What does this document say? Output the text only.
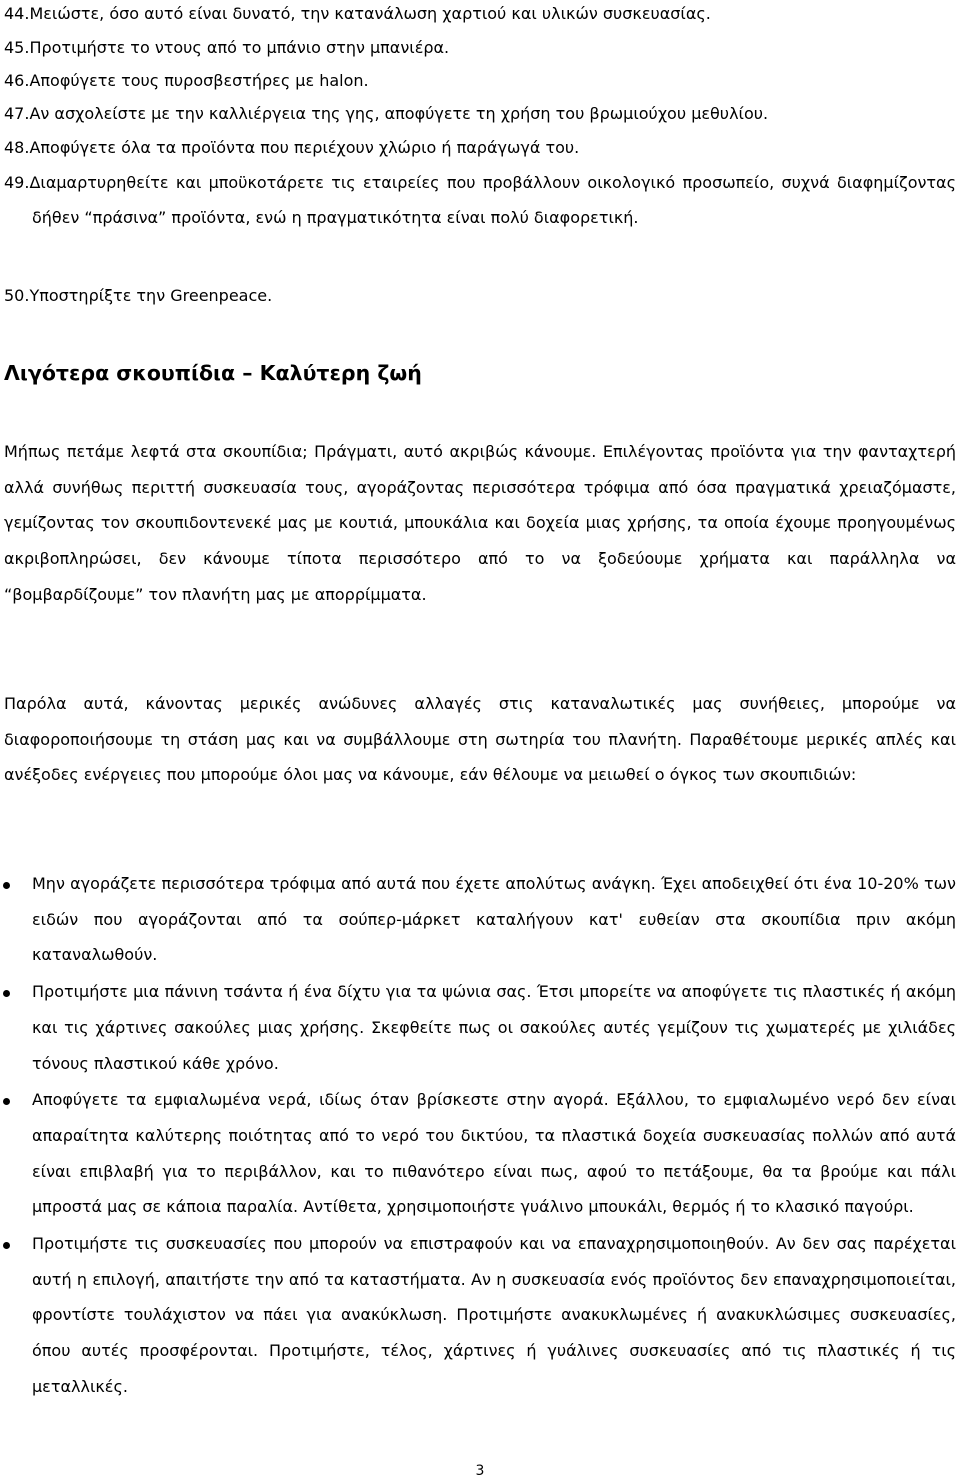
44.Μειώστε, όσο αυτό είναι δυνατό, την κατανάλωση χαρτιού και υλικών συσκευασίας.

45.Προτιμήστε το ντους από το μπάνιο στην μπανιέρα.

46.Αποφύγετε τους πυροσβεστήρες με halon.

47.Αν ασχολείστε με την καλλιέργεια της γης, αποφύγετε τη χρήση του βρωμιούχου μεθυλίου.

48.Αποφύγετε όλα τα προϊόντα που περιέχουν χλώριο ή παράγωγά του.

49.Διαμαρτυρηθείτε και μποϋκοτάρετε τις εταιρείες που προβάλλουν οικολογικό προσωπείο, συχνά διαφημίζοντας δήθεν “πράσινα” προϊόντα, ενώ η πραγματικότητα είναι πολύ διαφορετική.

50.Υποστηρίξτε την Greenpeace.

Λιγότερα σκουπίδια – Καλύτερη ζωή

Μήπως πετάμε λεφτά στα σκουπίδια; Πράγματι, αυτό ακριβώς κάνουμε. Επιλέγοντας προϊόντα για την φανταχτερή αλλά συνήθως περιττή συσκευασία τους, αγοράζοντας περισσότερα τρόφιμα από όσα πραγματικά χρειαζόμαστε, γεμίζοντας τον σκουπιδοντενεκέ μας με κουτιά, μπουκάλια και δοχεία μιας χρήσης, τα οποία έχουμε προηγουμένως ακριβοπληρώσει, δεν κάνουμε τίποτα περισσότερο από το να ξοδεύουμε χρήματα και παράλληλα να “βομβαρδίζουμε” τον πλανήτη μας με απορρίμματα.

Παρόλα αυτά, κάνοντας μερικές ανώδυνες αλλαγές στις καταναλωτικές μας συνήθειες, μπορούμε να διαφοροποιήσουμε τη στάση μας και να συμβάλλουμε στη σωτηρία του πλανήτη. Παραθέτουμε μερικές απλές και ανέξοδες ενέργειες που μπορούμε όλοι μας να κάνουμε, εάν θέλουμε να μειωθεί ο όγκος των σκουπιδιών:

Μην αγοράζετε περισσότερα τρόφιμα από αυτά που έχετε απολύτως ανάγκη. Έχει αποδειχθεί ότι ένα 10-20% των ειδών που αγοράζονται από τα σούπερ-μάρκετ καταλήγουν κατ' ευθείαν στα σκουπίδια πριν ακόμη καταναλωθούν.
Προτιμήστε μια πάνινη τσάντα ή ένα δίχτυ για τα ψώνια σας. Έτσι μπορείτε να αποφύγετε τις πλαστικές ή ακόμη και τις χάρτινες σακούλες μιας χρήσης. Σκεφθείτε πως οι σακούλες αυτές γεμίζουν τις χωματερές με χιλιάδες τόνους πλαστικού κάθε χρόνο.
Αποφύγετε τα εμφιαλωμένα νερά, ιδίως όταν βρίσκεστε στην αγορά. Εξάλλου, το εμφιαλωμένο νερό δεν είναι απαραίτητα καλύτερης ποιότητας από το νερό του δικτύου, τα πλαστικά δοχεία συσκευασίας πολλών από αυτά είναι επιβλαβή για το περιβάλλον, και το πιθανότερο είναι πως, αφού το πετάξουμε, θα τα βρούμε και πάλι μπροστά μας σε κάποια παραλία. Αντίθετα, χρησιμοποιήστε γυάλινο μπουκάλι, θερμός ή το κλασικό παγούρι.
Προτιμήστε τις συσκευασίες που μπορούν να επιστραφούν και να επαναχρησιμοποιηθούν. Αν δεν σας παρέχεται αυτή η επιλογή, απαιτήστε την από τα καταστήματα. Αν η συσκευασία ενός προϊόντος δεν επαναχρησιμοποιείται, φροντίστε τουλάχιστον να πάει για ανακύκλωση. Προτιμήστε ανακυκλωμένες ή ανακυκλώσιμες συσκευασίες, όπου αυτές προσφέρονται. Προτιμήστε, τέλος, χάρτινες ή γυάλινες συσκευασίες από τις πλαστικές ή τις μεταλλικές.

3
